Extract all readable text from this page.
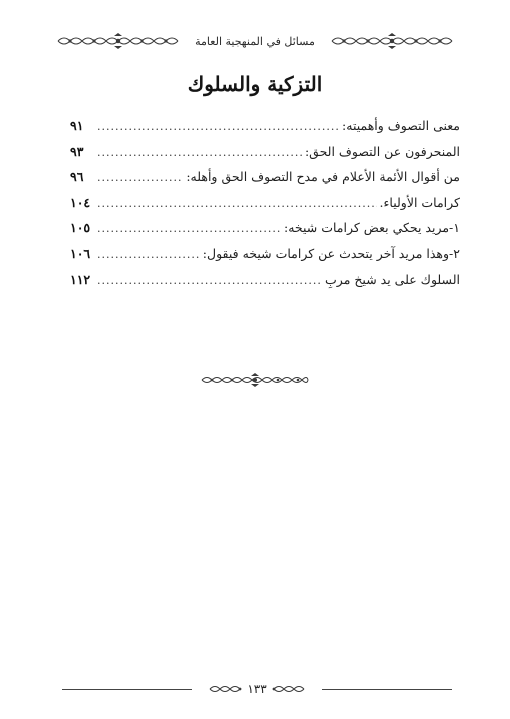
مسائل في المنهجية العامة
التزكية والسلوك
معنى التصوف وأهميته:
.....
٩١
المنحرفون عن التصوف الحق:
.....
٩٣
من أقوال الأئمة الأعلام في مدح التصوف الحق وأهله:
.....
٩٦
كرامات الأولياء.
.....
١٠٤
١-مريد يحكي بعض كرامات شيخه:
.....
١٠٥
٢-وهذا مريد آخر يتحدث عن كرامات شيخه فيقول:
.....
١٠٦
السلوك على يد شيخ مربِ
.....
١١٢
١٣٣
